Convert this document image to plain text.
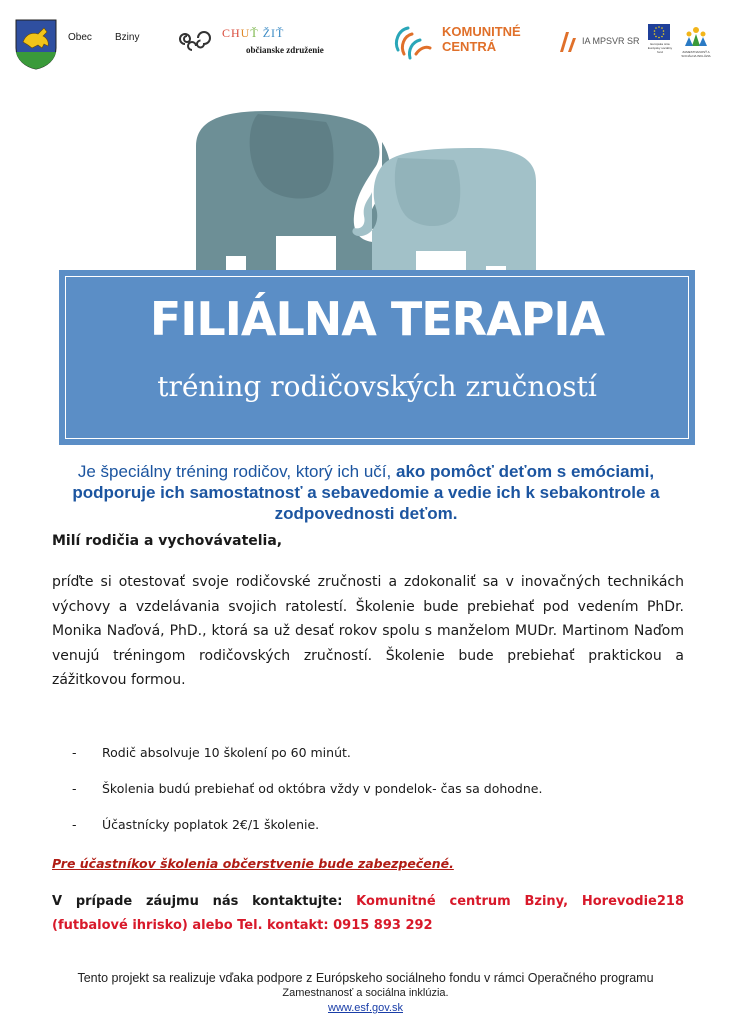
Obec Bziny	CHUŤ ŽIŤ
občianske združenie
KOMUNITNÉ
CENTRÁ	IA MPSVR SR	Európska únia Európsky sociálny fond	ZAMESTNANOSŤ A SOCIÁLNA INKLÚZIA
FILIÁLNA TERAPIA
tréning rodičovských zručností
Je špeciálny tréning rodičov, ktorý ich učí, ako pomôcť deťom s emóciami, podporuje ich samostatnosť a sebavedomie a vedie ich k sebakontrole a zodpovednosti deťom.
Milí rodičia a vychovávatelia,
príďte si otestovať svoje rodičovské zručnosti a zdokonaliť sa v inovačných technikách výchovy a vzdelávania svojich ratolestí. Školenie bude prebiehať pod vedením PhDr. Monika Naďová, PhD., ktorá sa už desať rokov spolu s manželom MUDr. Martinom Naďom venujú tréningom rodičovských zručností. Školenie bude prebiehať praktickou a zážitkovou formou.
-	Rodič absolvuje 10 školení po 60 minút.
-	Školenia budú prebiehať od októbra vždy v pondelok- čas sa dohodne.
-	Účastnícky poplatok 2€/1 školenie.
Pre účastníkov školenia občerstvenie bude zabezpečené.
V prípade záujmu nás kontaktujte: Komunitné centrum Bziny, Horevodie218 (futbalové ihrisko) alebo Tel. kontakt: 0915 893 292
Tento projekt sa realizuje vďaka podpore z Európskeho sociálneho fondu v rámci Operačného programu
Zamestnanosť a sociálna inklúzia.
www.esf.gov.sk
